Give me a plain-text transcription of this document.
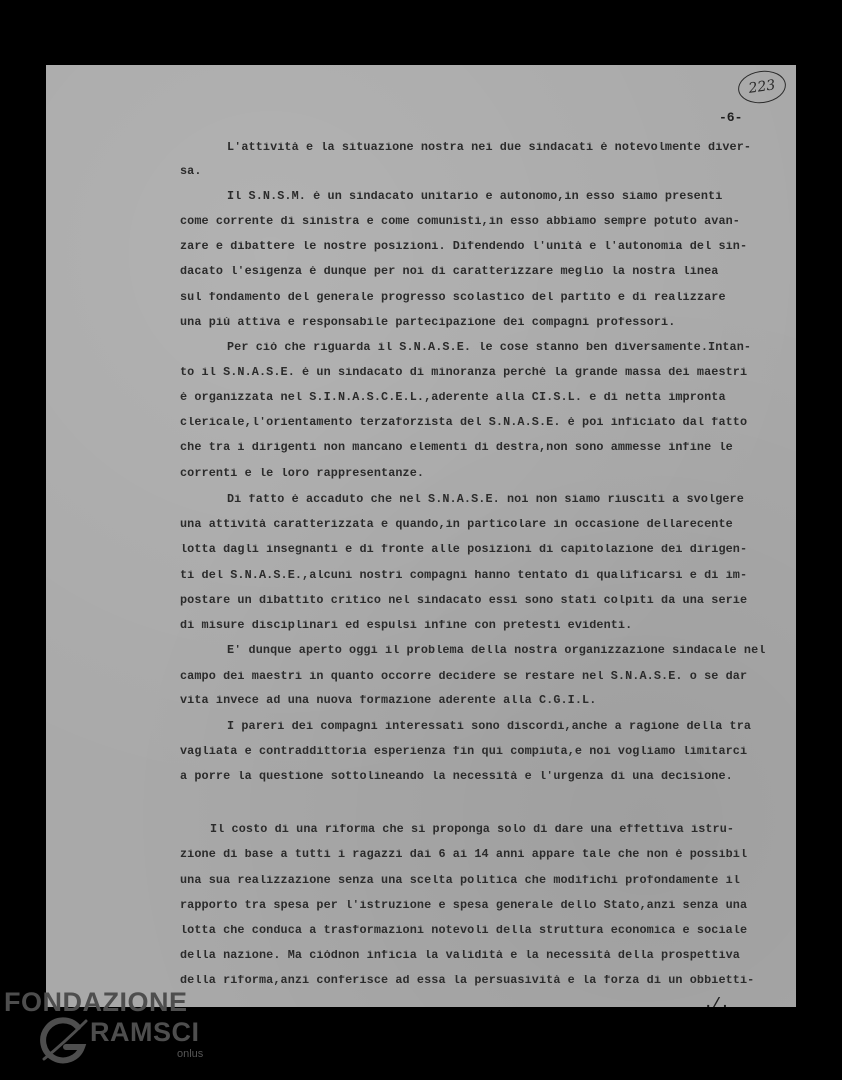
223
-6-
L'attività e la situazione nostra nei due sindacati è notevolmente diver-
sa.
Il S.N.S.M. è un sindacato unitario e autonomo,in esso siamo presenti
come corrente di sinistra e come comunisti,in esso abbiamo sempre potuto avan-
zare e dibattere le nostre posizioni. Difendendo l'unità e l'autonomia del sin-
dacato l'esigenza è dunque per noi di caratterizzare meglio la nostra linea
sul fondamento del generale progresso scolastico del partito e di realizzare
una più attiva e responsabile partecipazione dei compagni professori.
Per ciò che riguarda il S.N.A.S.E. le cose stanno ben diversamente.Intan-
to il S.N.A.S.E. è un sindacato di minoranza perchè la grande massa dei maestri
è organizzata nel S.I.N.A.S.C.E.L.,aderente alla CI.S.L. e di netta impronta
clericale,l'orientamento terzaforzista del S.N.A.S.E. è poi inficiato dal fatto
che tra i dirigenti non mancano elementi di destra,non sono ammesse infine le
correnti e le loro rappresentanze.
Di fatto è accaduto che nel S.N.A.S.E. noi non siamo riusciti a svolgere
una attività caratterizzata e quando,in particolare in occasione dellarecente
lotta dagli insegnanti e di fronte alle posizioni di capitolazione dei dirigen-
ti del S.N.A.S.E.,alcuni nostri compagni hanno tentato di qualificarsi e di im-
postare un dibattito critico nel sindacato essi sono stati colpiti da una serie
di misure disciplinari ed espulsi infine con pretesti evidenti.
E' dunque aperto oggi il problema della nostra organizzazione sindacale nel
campo dei maestri in quanto occorre decidere se restare nel S.N.A.S.E. o se dar
vita invece ad una nuova formazione aderente alla C.G.I.L.
I pareri dei compagni interessati sono discordi,anche a ragione della tra
vagliata e contraddittoria esperienza fin qui compiuta,e noi vogliamo limitarci
a porre la questione sottolineando la necessità e l'urgenza di una decisione.
Il costo di una riforma che si proponga solo di dare una effettiva istru-
zione di base a tutti i ragazzi dai 6 ai 14 anni appare tale che non è possibil
una sua realizzazione senza una scelta politica che modifichi profondamente il
rapporto tra spesa per l'istruzione e spesa generale dello Stato,anzi senza una
lotta che conduca a trasformazioni notevoli della struttura economica e sociale
della nazione. Ma ciòdnon inficia la validità e la necessità della prospettiva
della riforma,anzi conferisce ad essa la persuasività e la forza di un obbietti-
./.
FONDAZIONE
RAMSCI
onlus
